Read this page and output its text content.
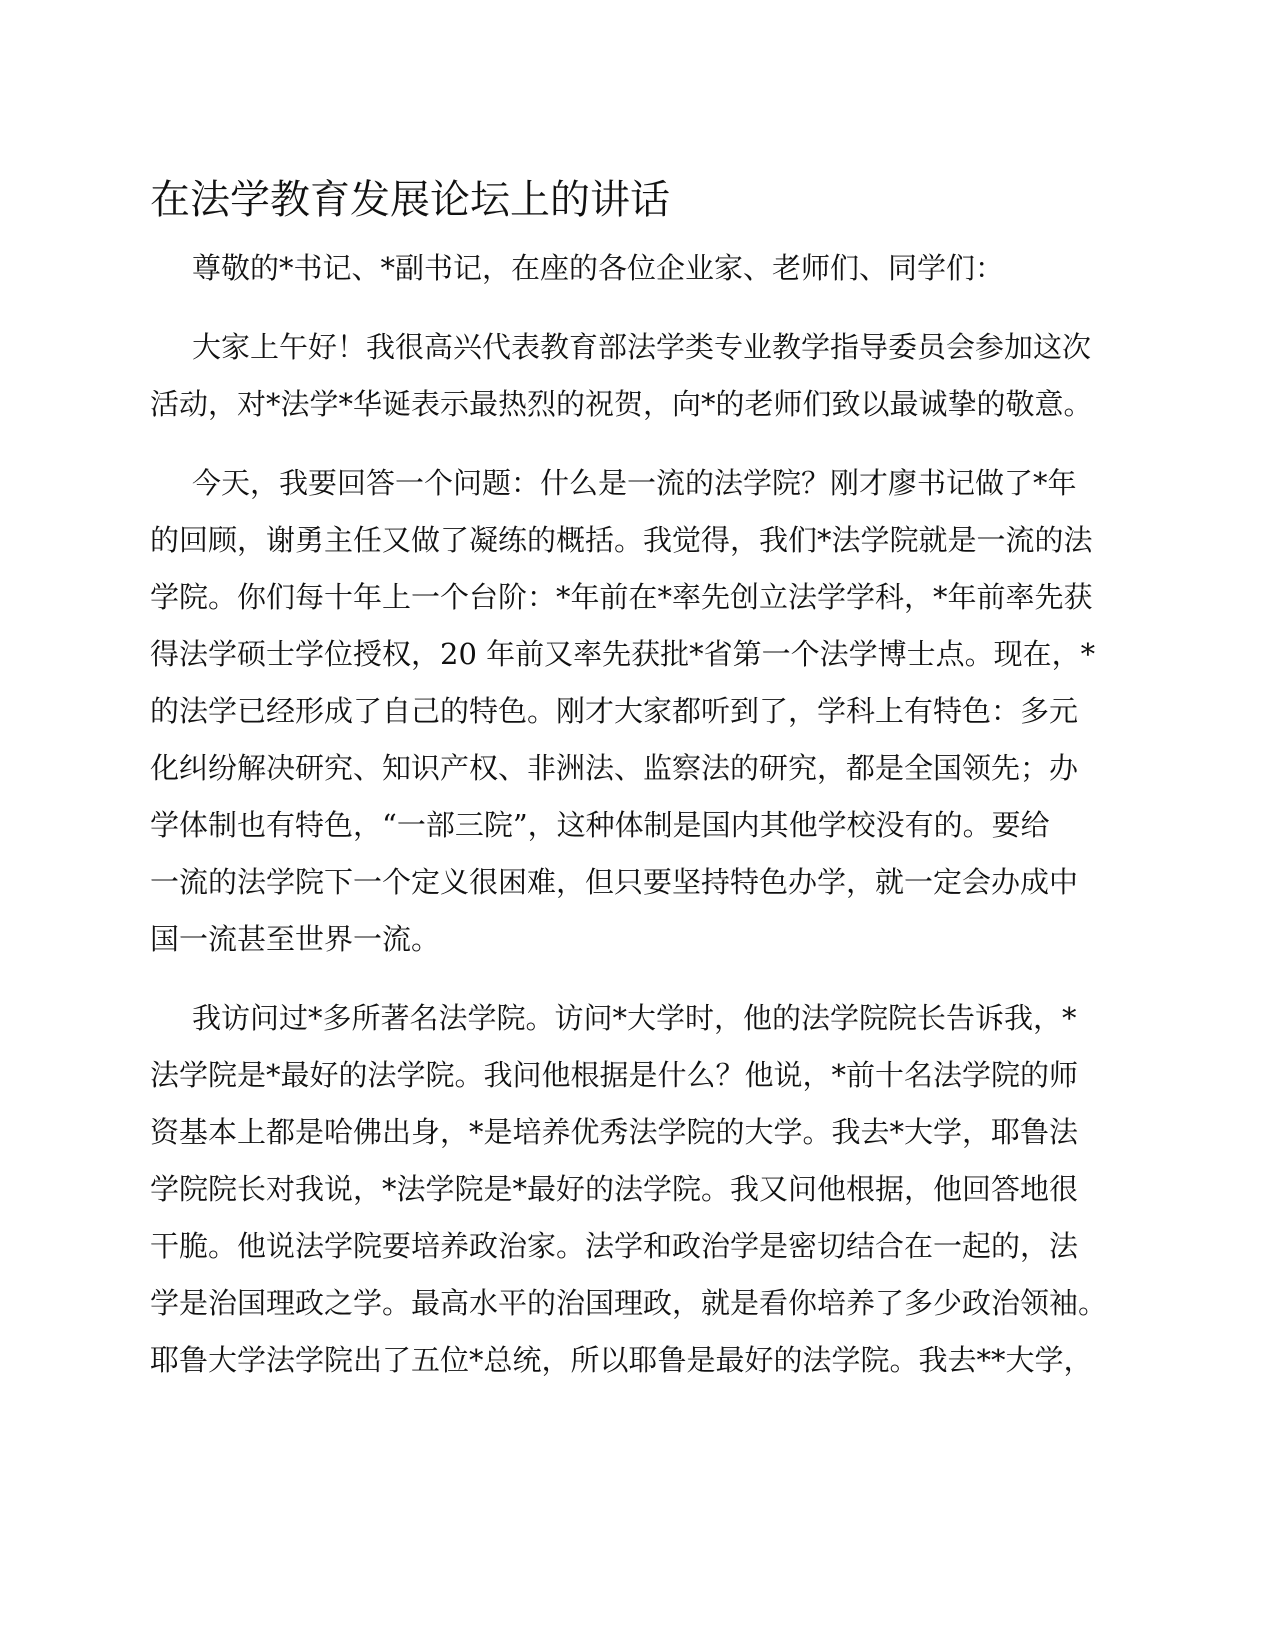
在法学教育发展论坛上的讲话
尊敬的*书记、*副书记，在座的各位企业家、老师们、同学们：
大家上午好！我很高兴代表教育部法学类专业教学指导委员会参加这次
活动，对*法学*华诞表示最热烈的祝贺，向*的老师们致以最诚挚的敬意。
今天，我要回答一个问题：什么是一流的法学院？刚才廖书记做了*年
的回顾，谢勇主任又做了凝练的概括。我觉得，我们*法学院就是一流的法
学院。你们每十年上一个台阶：*年前在*率先创立法学学科，*年前率先获
得法学硕士学位授权，20 年前又率先获批*省第一个法学博士点。现在，*
的法学已经形成了自己的特色。刚才大家都听到了，学科上有特色：多元
化纠纷解决研究、知识产权、非洲法、监察法的研究，都是全国领先；办
学体制也有特色，“一部三院”，这种体制是国内其他学校没有的。要给
一流的法学院下一个定义很困难，但只要坚持特色办学，就一定会办成中
国一流甚至世界一流。
我访问过*多所著名法学院。访问*大学时，他的法学院院长告诉我，*
法学院是*最好的法学院。我问他根据是什么？他说，*前十名法学院的师
资基本上都是哈佛出身，*是培养优秀法学院的大学。我去*大学，耶鲁法
学院院长对我说，*法学院是*最好的法学院。我又问他根据，他回答地很
干脆。他说法学院要培养政治家。法学和政治学是密切结合在一起的，法
学是治国理政之学。最高水平的治国理政，就是看你培养了多少政治领袖。
耶鲁大学法学院出了五位*总统，所以耶鲁是最好的法学院。我去**大学，
